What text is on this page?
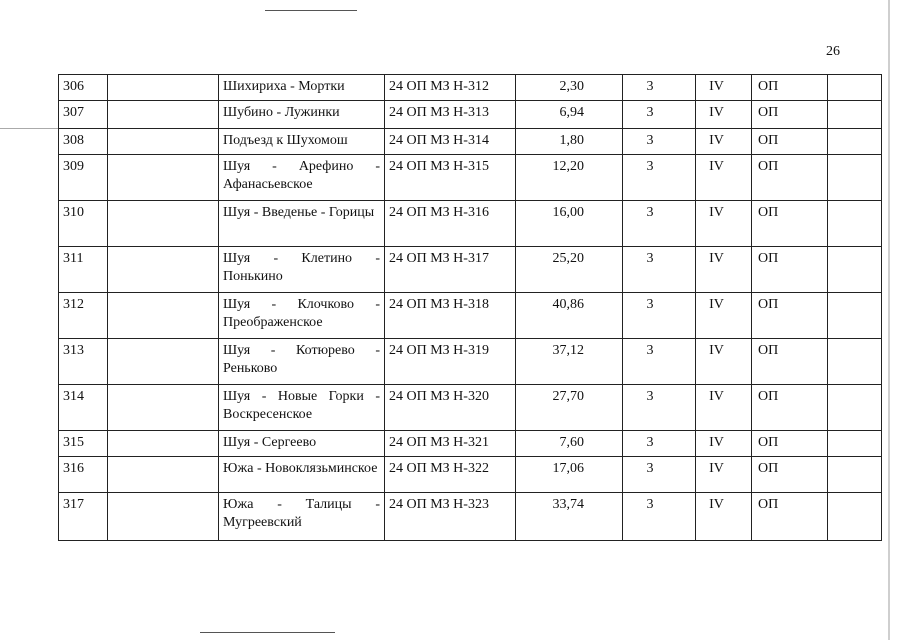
26
306		Шихириха - Мортки	24 ОП МЗ Н-312	2,30	3	IV	ОП	
307		Шубино - Лужинки	24 ОП МЗ Н-313	6,94	3	IV	ОП	
308		Подъезд к Шухомош	24 ОП МЗ Н-314	1,80	3	IV	ОП	
309		Шуя - Арефино - Афанасьевское	24 ОП МЗ Н-315	12,20	3	IV	ОП	
310		Шуя - Введенье - Горицы	24 ОП МЗ Н-316	16,00	3	IV	ОП	
311		Шуя - Клетино - Понькино	24 ОП МЗ Н-317	25,20	3	IV	ОП	
312		Шуя - Клочково - Преображенское	24 ОП МЗ Н-318	40,86	3	IV	ОП	
313		Шуя - Котюрево - Реньково	24 ОП МЗ Н-319	37,12	3	IV	ОП	
314		Шуя - Новые Горки - Воскресенское	24 ОП МЗ Н-320	27,70	3	IV	ОП	
315		Шуя - Сергеево	24 ОП МЗ Н-321	7,60	3	IV	ОП	
316		Южа - Новоклязьминское	24 ОП МЗ Н-322	17,06	3	IV	ОП	
317		Южа - Талицы - Мугреевский	24 ОП МЗ Н-323	33,74	3	IV	ОП	
